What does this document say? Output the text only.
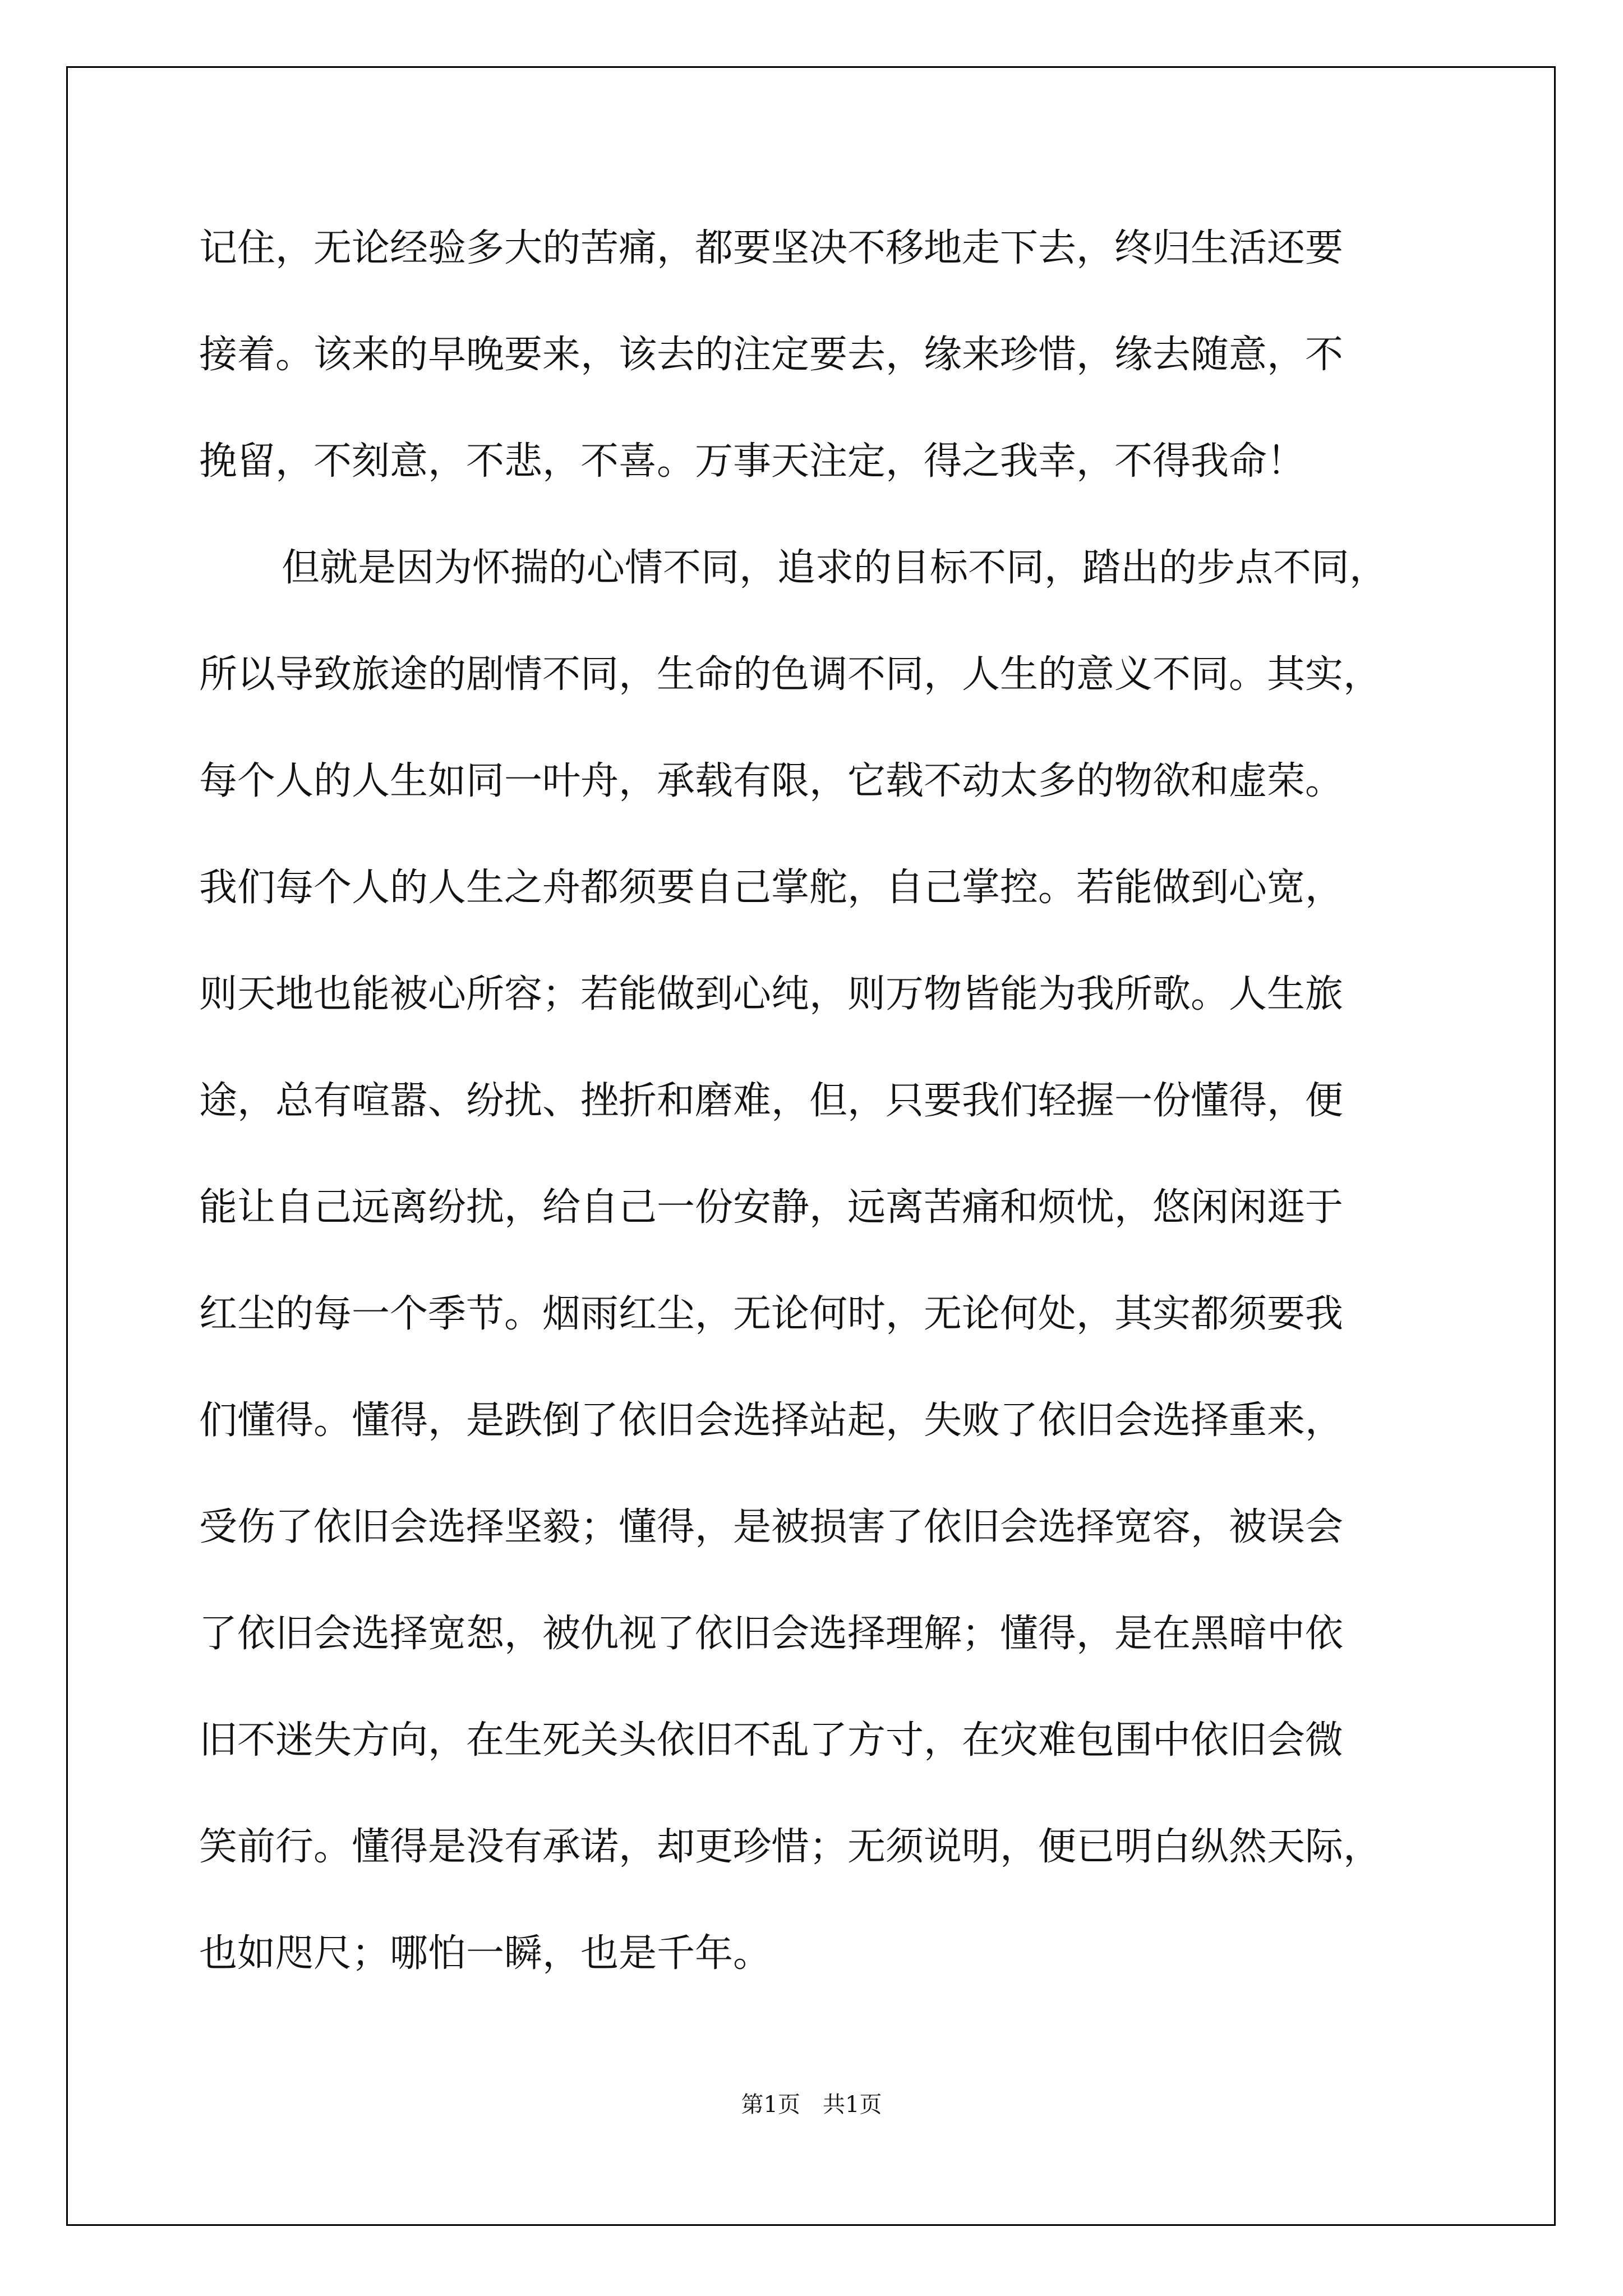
记住，无论经验多大的苦痛，都要坚决不移地走下去，终归生活还要

接着。该来的早晚要来，该去的注定要去，缘来珍惜，缘去随意，不

挽留，不刻意，不悲，不喜。万事天注定，得之我幸，不得我命！

但就是因为怀揣的心情不同，追求的目标不同，踏出的步点不同，

所以导致旅途的剧情不同，生命的色调不同，人生的意义不同。其实，

每个人的人生如同一叶舟，承载有限，它载不动太多的物欲和虚荣。

我们每个人的人生之舟都须要自己掌舵，自己掌控。若能做到心宽，

则天地也能被心所容；若能做到心纯，则万物皆能为我所歌。人生旅

途，总有喧嚣、纷扰、挫折和磨难，但，只要我们轻握一份懂得，便

能让自己远离纷扰，给自己一份安静，远离苦痛和烦忧，悠闲闲逛于

红尘的每一个季节。烟雨红尘，无论何时，无论何处，其实都须要我

们懂得。懂得，是跌倒了依旧会选择站起，失败了依旧会选择重来，

受伤了依旧会选择坚毅；懂得，是被损害了依旧会选择宽容，被误会

了依旧会选择宽恕，被仇视了依旧会选择理解；懂得，是在黑暗中依

旧不迷失方向，在生死关头依旧不乱了方寸，在灾难包围中依旧会微

笑前行。懂得是没有承诺，却更珍惜；无须说明，便已明白纵然天际，

也如咫尺；哪怕一瞬，也是千年。

第1页　共1页
